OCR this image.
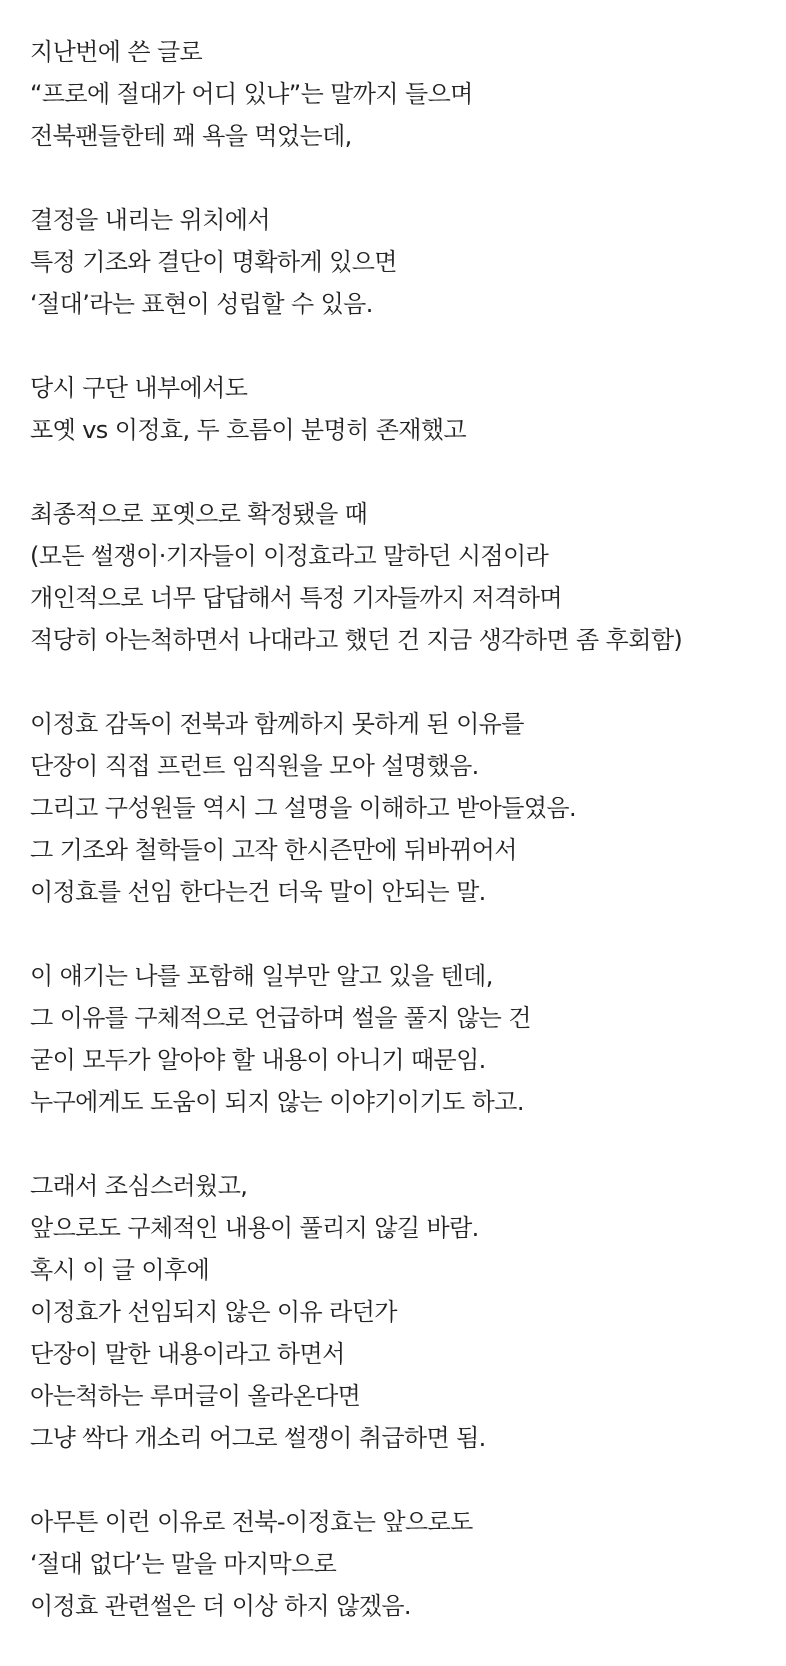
지난번에 쓴 글로
“프로에 절대가 어디 있냐”는 말까지 들으며
전북팬들한테 꽤 욕을 먹었는데,
결정을 내리는 위치에서
특정 기조와 결단이 명확하게 있으면
‘절대’라는 표현이 성립할 수 있음.
당시 구단 내부에서도
포옛 vs 이정효, 두 흐름이 분명히 존재했고
최종적으로 포옛으로 확정됐을 때
(모든 썰쟁이·기자들이 이정효라고 말하던 시점이라
개인적으로 너무 답답해서 특정 기자들까지 저격하며
적당히 아는척하면서 나대라고 했던 건 지금 생각하면 좀 후회함)
이정효 감독이 전북과 함께하지 못하게 된 이유를
단장이 직접 프런트 임직원을 모아 설명했음.
그리고 구성원들 역시 그 설명을 이해하고 받아들였음.
그 기조와 철학들이 고작 한시즌만에 뒤바뀌어서
이정효를 선임 한다는건 더욱 말이 안되는 말.
이 얘기는 나를 포함해 일부만 알고 있을 텐데,
그 이유를 구체적으로 언급하며 썰을 풀지 않는 건
굳이 모두가 알아야 할 내용이 아니기 때문임.
누구에게도 도움이 되지 않는 이야기이기도 하고.
그래서 조심스러웠고,
앞으로도 구체적인 내용이 풀리지 않길 바람.
혹시 이 글 이후에
이정효가 선임되지 않은 이유 라던가
단장이 말한 내용이라고 하면서
아는척하는 루머글이 올라온다면
그냥 싹다 개소리 어그로 썰쟁이 취급하면 됨.
아무튼 이런 이유로 전북-이정효는 앞으로도
‘절대 없다’는 말을 마지막으로
이정효 관련썰은 더 이상 하지 않겠음.
